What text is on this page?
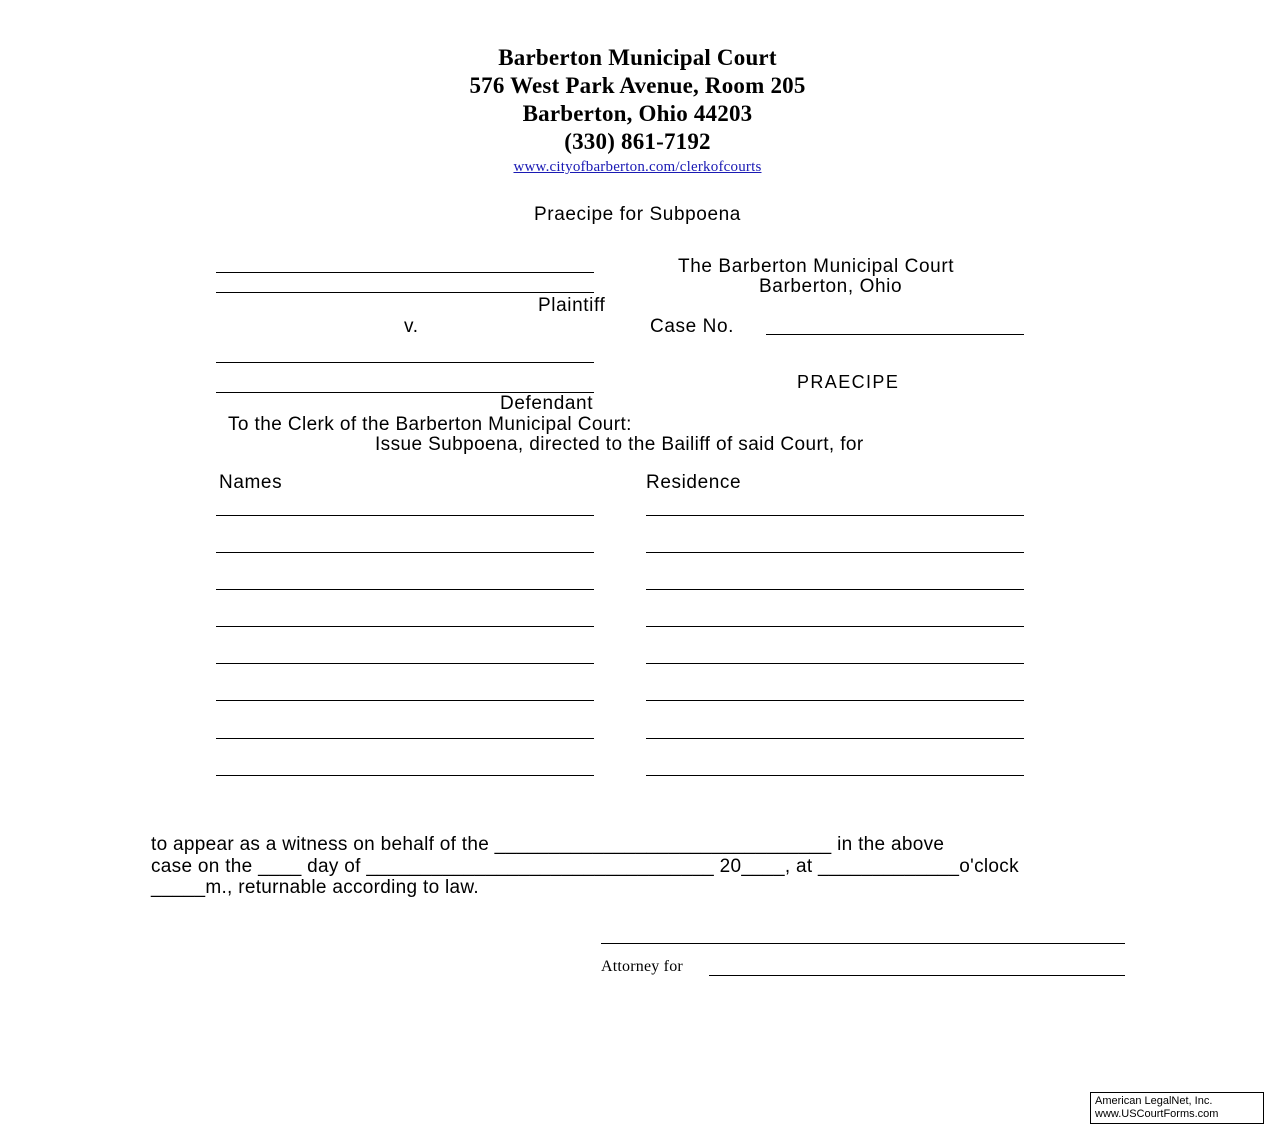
Barberton Municipal Court
576 West Park Avenue, Room 205
Barberton, Ohio 44203
(330) 861-7192
www.cityofbarberton.com/clerkofcourts
Praecipe for Subpoena
Plaintiff
v.
The Barberton Municipal Court
Barberton, Ohio
Case No.
Defendant
PRAECIPE
To the Clerk of the Barberton Municipal Court:
Issue Subpoena, directed to the Bailiff of said Court, for
Names	Residence
to appear as a witness on behalf of the _______________________________ in the above
case on the ____ day of ________________________________ 20____, at _____________o'clock
_____m., returnable according to law.
Attorney for
American LegalNet, Inc.
www.USCourtForms.com
